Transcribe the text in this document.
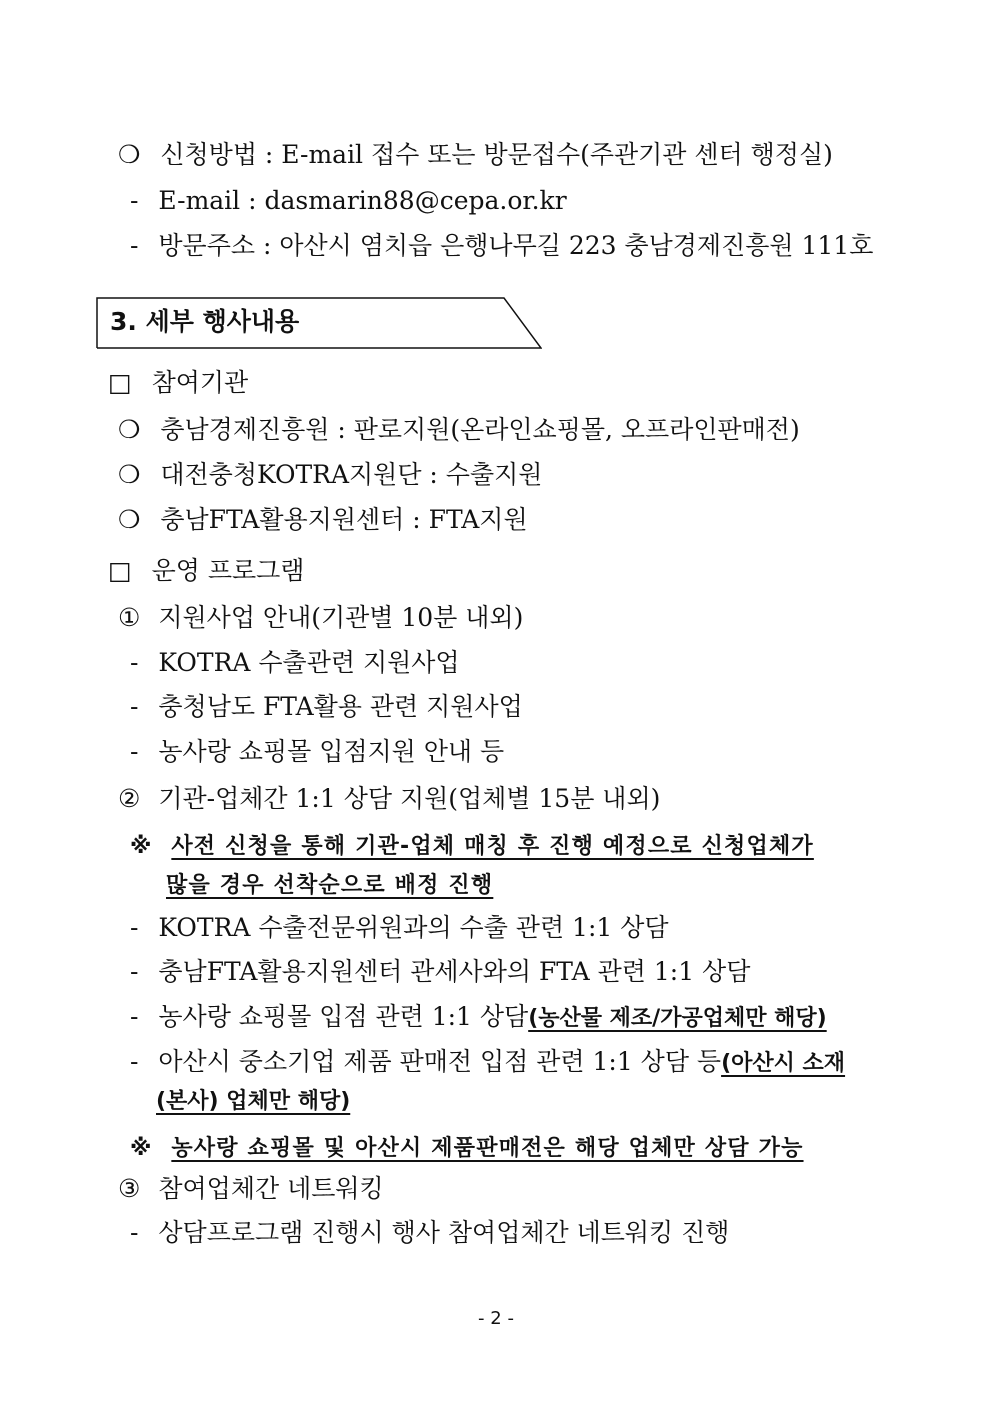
❍ 신청방법 : E-mail 접수 또는 방문접수(주관기관 센터 행정실)
- E-mail : dasmarin88@cepa.or.kr
- 방문주소 : 아산시 염치읍 은행나무길 223 충남경제진흥원 111호
3. 세부 행사내용
□ 참여기관
❍ 충남경제진흥원 : 판로지원(온라인쇼핑몰, 오프라인판매전)
❍ 대전충청KOTRA지원단 : 수출지원
❍ 충남FTA활용지원센터 : FTA지원
□ 운영 프로그램
① 지원사업 안내(기관별 10분 내외)
- KOTRA 수출관련 지원사업
- 충청남도 FTA활용 관련 지원사업
- 농사랑 쇼핑몰 입점지원 안내 등
② 기관-업체간 1:1 상담 지원(업체별 15분 내외)
※ 사전 신청을 통해 기관-업체 매칭 후 진행 예정으로 신청업체가
많을 경우 선착순으로 배정 진행
- KOTRA 수출전문위원과의 수출 관련 1:1 상담
- 충남FTA활용지원센터 관세사와의 FTA 관련 1:1 상담
- 농사랑 쇼핑몰 입점 관련 1:1 상담(농산물 제조/가공업체만 해당)
- 아산시 중소기업 제품 판매전 입점 관련 1:1 상담 등(아산시 소재
(본사) 업체만 해당)
※ 농사랑 쇼핑몰 및 아산시 제품판매전은 해당 업체만 상담 가능
③ 참여업체간 네트워킹
- 상담프로그램 진행시 행사 참여업체간 네트워킹 진행
- 2 -
